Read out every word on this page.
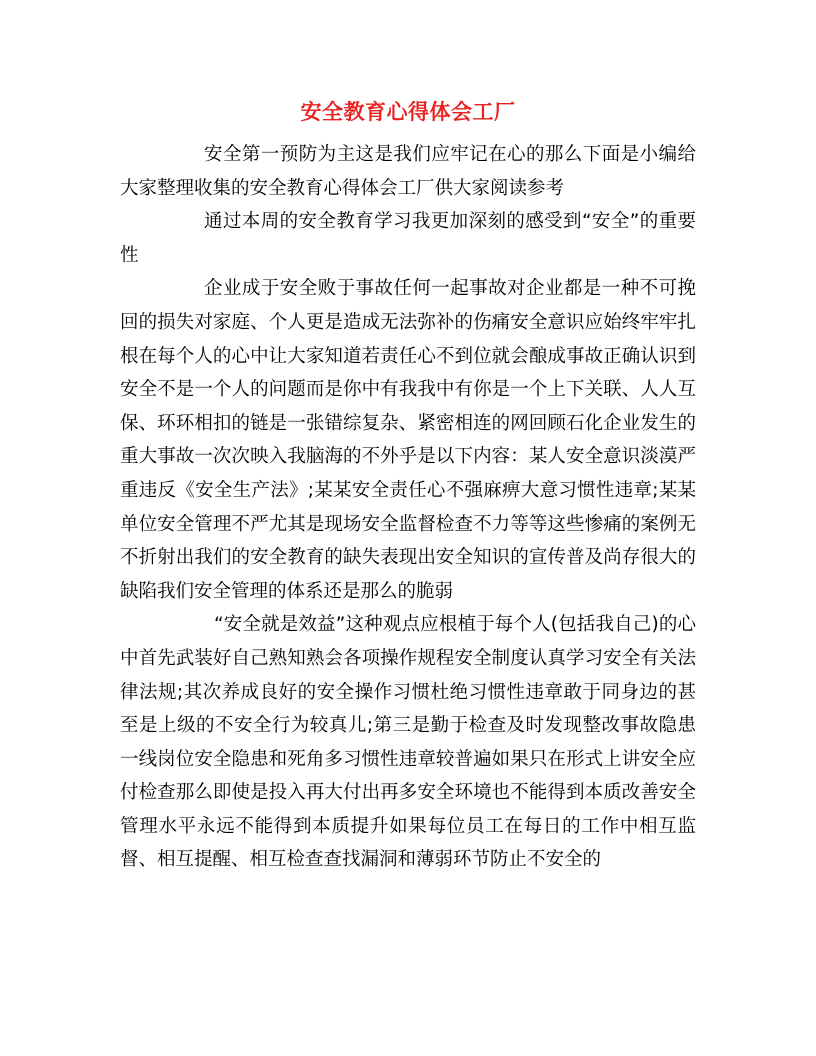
安全教育心得体会工厂

安全第一预防为主这是我们应牢记在心的那么下面是小编给大家整理收集的安全教育心得体会工厂供大家阅读参考

通过本周的安全教育学习我更加深刻的感受到“安全”的重要性

企业成于安全败于事故任何一起事故对企业都是一种不可挽回的损失对家庭、个人更是造成无法弥补的伤痛安全意识应始终牢牢扎根在每个人的心中让大家知道若责任心不到位就会酿成事故正确认识到安全不是一个人的问题而是你中有我我中有你是一个上下关联、人人互保、环环相扣的链是一张错综复杂、紧密相连的网回顾石化企业发生的重大事故一次次映入我脑海的不外乎是以下内容：某人安全意识淡漠严重违反《安全生产法》;某某安全责任心不强麻痹大意习惯性违章;某某单位安全管理不严尤其是现场安全监督检查不力等等这些惨痛的案例无不折射出我们的安全教育的缺失表现出安全知识的宣传普及尚存很大的缺陷我们安全管理的体系还是那么的脆弱

“安全就是效益”这种观点应根植于每个人(包括我自己)的心中首先武装好自己熟知熟会各项操作规程安全制度认真学习安全有关法律法规;其次养成良好的安全操作习惯杜绝习惯性违章敢于同身边的甚至是上级的不安全行为较真儿;第三是勤于检查及时发现整改事故隐患一线岗位安全隐患和死角多习惯性违章较普遍如果只在形式上讲安全应付检查那么即使是投入再大付出再多安全环境也不能得到本质改善安全管理水平永远不能得到本质提升如果每位员工在每日的工作中相互监督、相互提醒、相互检查查找漏洞和薄弱环节防止不安全的
